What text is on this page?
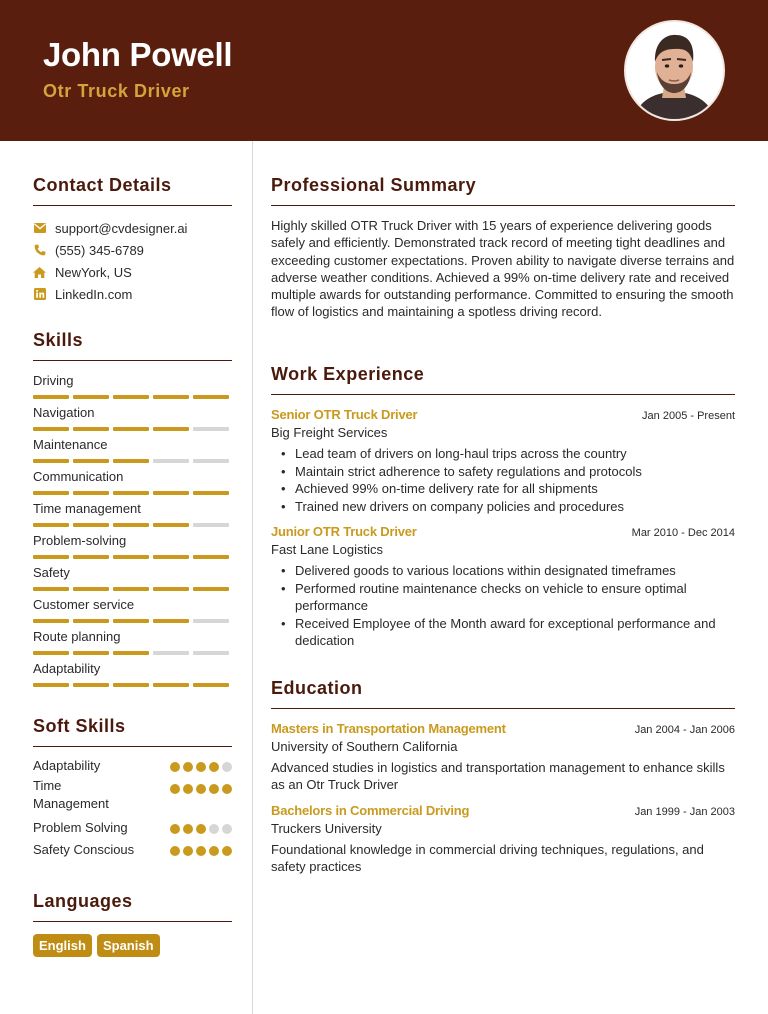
John Powell
Otr Truck Driver
Contact Details
support@cvdesigner.ai
(555) 345-6789
NewYork, US
LinkedIn.com
Skills
Driving
Navigation
Maintenance
Communication
Time management
Problem-solving
Safety
Customer service
Route planning
Adaptability
Soft Skills
Adaptability
Time Management
Problem Solving
Safety Conscious
Languages
English Spanish
Professional Summary

Highly skilled OTR Truck Driver with 15 years of experience delivering goods safely and efficiently. Demonstrated track record of meeting tight deadlines and exceeding customer expectations. Proven ability to navigate diverse terrains and adverse weather conditions. Achieved a 99% on-time delivery rate and received multiple awards for outstanding performance. Committed to ensuring the smooth flow of logistics and maintaining a spotless driving record.

Work Experience
Senior OTR Truck Driver	Jan 2005 - Present
Big Freight Services
• Lead team of drivers on long-haul trips across the country
• Maintain strict adherence to safety regulations and protocols
• Achieved 99% on-time delivery rate for all shipments
• Trained new drivers on company policies and procedures
Junior OTR Truck Driver	Mar 2010 - Dec 2014
Fast Lane Logistics
• Delivered goods to various locations within designated timeframes
• Performed routine maintenance checks on vehicle to ensure optimal performance
• Received Employee of the Month award for exceptional performance and dedication
Education
Masters in Transportation Management	Jan 2004 - Jan 2006
University of Southern California

Advanced studies in logistics and transportation management to enhance skills as an Otr Truck Driver

Bachelors in Commercial Driving	Jan 1999 - Jan 2003
Truckers University

Foundational knowledge in commercial driving techniques, regulations, and safety practices
